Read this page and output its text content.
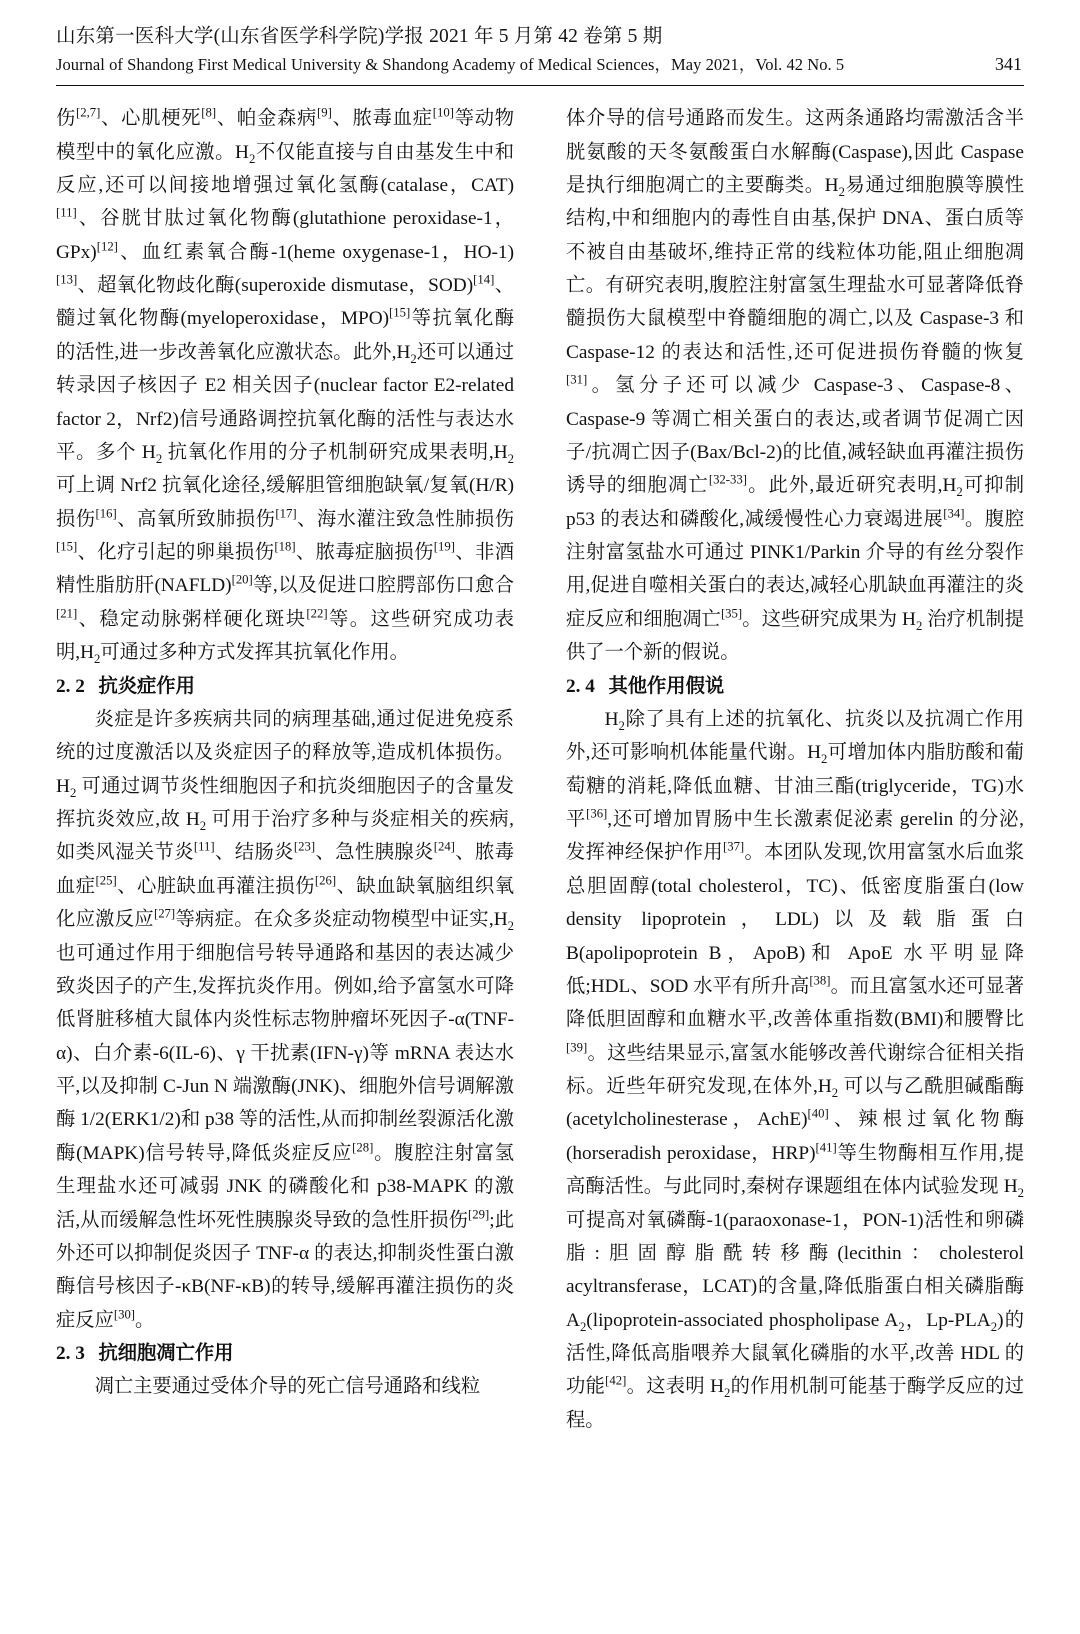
山东第一医科大学(山东省医学科学院)学报 2021 年 5 月第 42 卷第 5 期
Journal of Shandong First Medical University & Shandong Academy of Medical Sciences，May 2021，Vol. 42 No. 5	341

伤[2,7]、心肌梗死[8]、帕金森病[9]、脓毒血症[10]等动物模型中的氧化应激。$H_2$不仅能直接与自由基发生中和反应,还可以间接地增强过氧化氢酶(catalase，CAT)[11]、谷胱甘肽过氧化物酶(glutathione peroxidase-1，GPx)[12]、血红素氧合酶-1(heme oxygenase-1，HO-1)[13]、超氧化物歧化酶(superoxide dismutase，SOD)[14]、髓过氧化物酶(myeloperoxidase，MPO)[15]等抗氧化酶的活性,进一步改善氧化应激状态。此外$,H_2$还可以通过转录因子核因子 E2 相关因子(nuclear factor E2-related factor 2，Nrf2)信号通路调控抗氧化酶的活性与表达水平。多个 $H_2$ 抗氧化作用的分子机制研究成果表明$,H_2$ 可上调 Nrf2 抗氧化途径,缓解胆管细胞缺氧/复氧(H/R)损伤[16]、高氧所致肺损伤[17]、海水灌注致急性肺损伤[15]、化疗引起的卵巢损伤[18]、脓毒症脑损伤[19]、非酒精性脂肪肝(NAFLD)[20]等,以及促进口腔腭部伤口愈合[21]、稳定动脉粥样硬化斑块[22]等。这些研究成功表明$,H_2$可通过多种方式发挥其抗氧化作用。

2. 2 抗炎症作用

炎症是许多疾病共同的病理基础,通过促进免疫系统的过度激活以及炎症因子的释放等,造成机体损伤。$H_2$ 可通过调节炎性细胞因子和抗炎细胞因子的含量发挥抗炎效应,故 $H_2$ 可用于治疗多种与炎症相关的疾病,如类风湿关节炎[11]、结肠炎[23]、急性胰腺炎[24]、脓毒血症[25]、心脏缺血再灌注损伤[26]、缺血缺氧脑组织氧化应激反应[27]等病症。在众多炎症动物模型中证实$,H_2$也可通过作用于细胞信号转导通路和基因的表达减少致炎因子的产生,发挥抗炎作用。例如,给予富氢水可降低肾脏移植大鼠体内炎性标志物肿瘤坏死因子-α(TNF-α)、白介素-6(IL-6)、γ 干扰素(IFN-γ)等 mRNA 表达水平,以及抑制 C-Jun N 端激酶(JNK)、细胞外信号调解激酶 1/2(ERK1/2)和 p38 等的活性,从而抑制丝裂源活化激酶(MAPK)信号转导,降低炎症反应[28]。腹腔注射富氢生理盐水还可减弱 JNK 的磷酸化和 p38-MAPK 的激活,从而缓解急性坏死性胰腺炎导致的急性肝损伤[29];此外还可以抑制促炎因子 TNF-α 的表达,抑制炎性蛋白激酶信号核因子-κB(NF-κB)的转导,缓解再灌注损伤的炎症反应[30]。

2. 3 抗细胞凋亡作用

凋亡主要通过受体介导的死亡信号通路和线粒

体介导的信号通路而发生。这两条通路均需激活含半胱氨酸的天冬氨酸蛋白水解酶(Caspase),因此 Caspase 是执行细胞凋亡的主要酶类。$H_2$易通过细胞膜等膜性结构,中和细胞内的毒性自由基,保护 DNA、蛋白质等不被自由基破坏,维持正常的线粒体功能,阻止细胞凋亡。有研究表明,腹腔注射富氢生理盐水可显著降低脊髓损伤大鼠模型中脊髓细胞的凋亡,以及 Caspase-3 和 Caspase-12 的表达和活性,还可促进损伤脊髓的恢复[31]。氢分子还可以减少 Caspase-3、Caspase-8、Caspase-9 等凋亡相关蛋白的表达,或者调节促凋亡因子/抗凋亡因子(Bax/Bcl-2)的比值,减轻缺血再灌注损伤诱导的细胞凋亡[32-33]。此外,最近研究表明$,H_2$可抑制 p53 的表达和磷酸化,减缓慢性心力衰竭进展[34]。腹腔注射富氢盐水可通过 PINK1/Parkin 介导的有丝分裂作用,促进自噬相关蛋白的表达,减轻心肌缺血再灌注的炎症反应和细胞凋亡[35]。这些研究成果为 $H_2$ 治疗机制提供了一个新的假说。

2. 4 其他作用假说

$H_2$除了具有上述的抗氧化、抗炎以及抗凋亡作用外,还可影响机体能量代谢。$H_2$可增加体内脂肪酸和葡萄糖的消耗,降低血糖、甘油三酯(triglyceride，TG)水平[36],还可增加胃肠中生长激素促泌素 gerelin 的分泌,发挥神经保护作用[37]。本团队发现,饮用富氢水后血浆总胆固醇(total cholesterol，TC)、低密度脂蛋白(low density lipoprotein，LDL)以及载脂蛋白 B(apolipoprotein B，ApoB)和 ApoE 水平明显降低;HDL、SOD 水平有所升高[38]。而且富氢水还可显著降低胆固醇和血糖水平,改善体重指数(BMI)和腰臀比[39]。这些结果显示,富氢水能够改善代谢综合征相关指标。近些年研究发现,在体外$,H_2$ 可以与乙酰胆碱酯酶(acetylcholinesterase，AchE)[40]、辣根过氧化物酶(horseradish peroxidase，HRP)[41]等生物酶相互作用,提高酶活性。与此同时,秦树存课题组在体内试验发现 $H_2$可提高对氧磷酶-1(paraoxonase-1，PON-1)活性和卵磷脂:胆固醇脂酰转移酶(lecithin：cholesterol acyltransferase，LCAT)的含量,降低脂蛋白相关磷脂酶 $A_2(lipoprotein$-associated phospholipase $A_2$，$Lp-PLA_2$)的活性,降低高脂喂养大鼠氧化磷脂的水平,改善 HDL 的功能[42]。这表明 $H_2$的作用机制可能基于酶学反应的过程。
